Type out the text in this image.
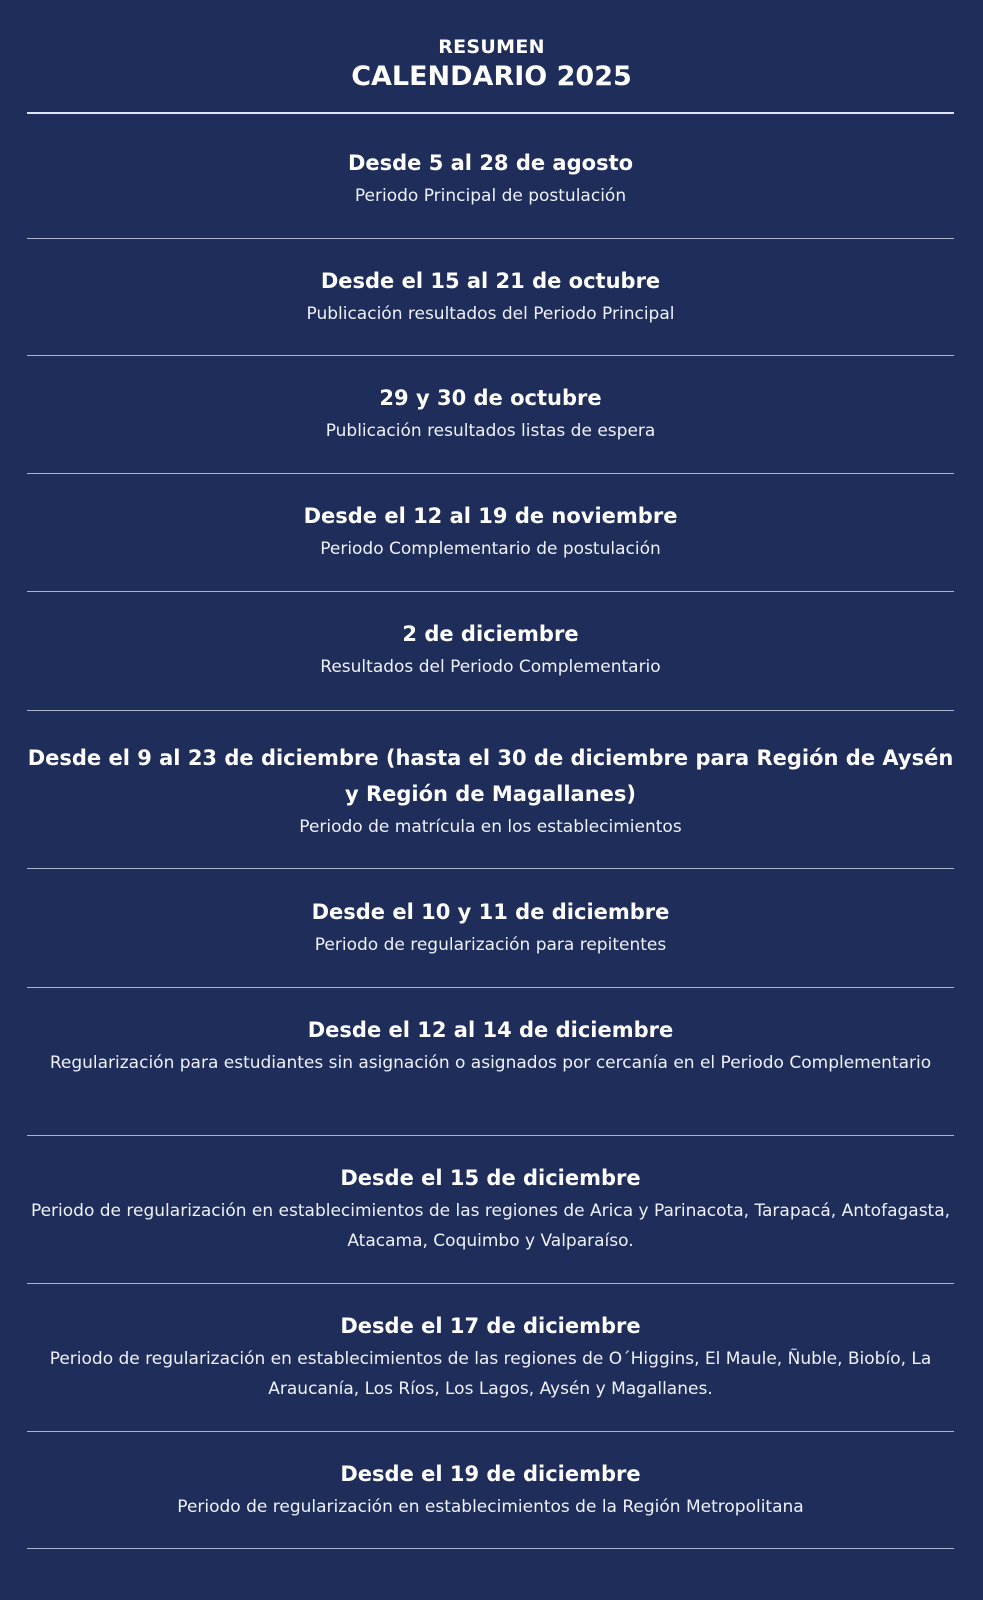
RESUMEN
CALENDARIO 2025
Desde 5 al 28 de agosto
Periodo Principal de postulación
Desde el 15 al 21 de octubre
Publicación resultados del Periodo Principal
29 y 30 de octubre
Publicación resultados listas de espera
Desde el 12 al 19 de noviembre
Periodo Complementario de postulación
2 de diciembre
Resultados del Periodo Complementario
Desde el 9 al 23 de diciembre (hasta el 30 de diciembre para Región de Aysén y Región de Magallanes)
Periodo de matrícula en los establecimientos
Desde el 10 y 11 de diciembre
Periodo de regularización para repitentes
Desde el 12 al 14 de diciembre
Regularización para estudiantes sin asignación o asignados por cercanía en el Periodo Complementario
Desde el 15 de diciembre
Periodo de regularización en establecimientos de las regiones de Arica y Parinacota, Tarapacá, Antofagasta, Atacama, Coquimbo y Valparaíso.
Desde el 17 de diciembre
Periodo de regularización en establecimientos de las regiones de O´Higgins, El Maule, Ñuble, Biobío, La Araucanía, Los Ríos, Los Lagos, Aysén y Magallanes.
Desde el 19 de diciembre
Periodo de regularización en establecimientos de la Región Metropolitana
